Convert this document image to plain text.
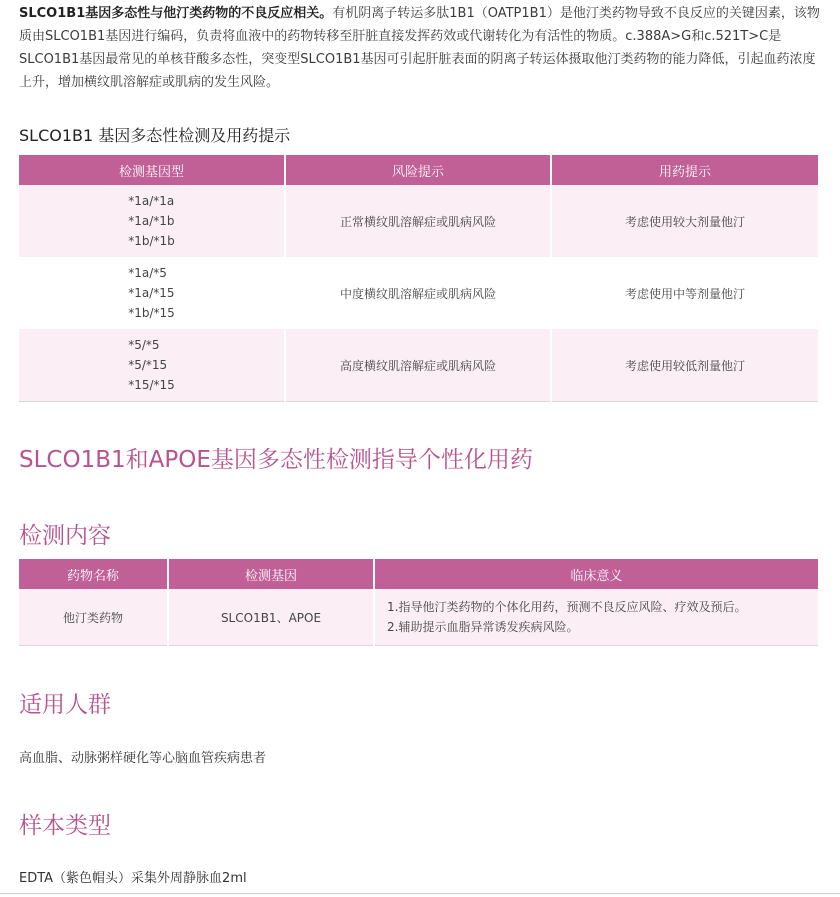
SLCO1B1基因多态性与他汀类药物的不良反应相关。有机阴离子转运多肽1B1（OATP1B1）是他汀类药物导致不良反应的关键因素，该物质由SLCO1B1基因进行编码，负责将血液中的药物转移至肝脏直接发挥药效或代谢转化为有活性的物质。c.388A>G和c.521T>C是SLCO1B1基因最常见的单核苷酸多态性，突变型SLCO1B1基因可引起肝脏表面的阴离子转运体摄取他汀类药物的能力降低，引起血药浓度上升，增加横纹肌溶解症或肌病的发生风险。

SLCO1B1 基因多态性检测及用药提示
检测基因型	风险提示	用药提示

*1a/*1a
*1a/*1b
*1b/*1b	正常横纹肌溶解症或肌病风险	考虑使用较大剂量他汀

*1a/*5
*1a/*15
*1b/*15	中度横纹肌溶解症或肌病风险	考虑使用中等剂量他汀

*5/*5
*5/*15
*15/*15	高度横纹肌溶解症或肌病风险	考虑使用较低剂量他汀
SLCO1B1和APOE基因多态性检测指导个性化用药
检测内容
药物名称	检测基因	临床意义
他汀类药物	SLCO1B1、APOE	1.指导他汀类药物的个体化用药，预测不良反应风险、疗效及预后。
2.辅助提示血脂异常诱发疾病风险。
适用人群

高血脂、动脉粥样硬化等心脑血管疾病患者

样本类型

EDTA（紫色帽头）采集外周静脉血2ml
